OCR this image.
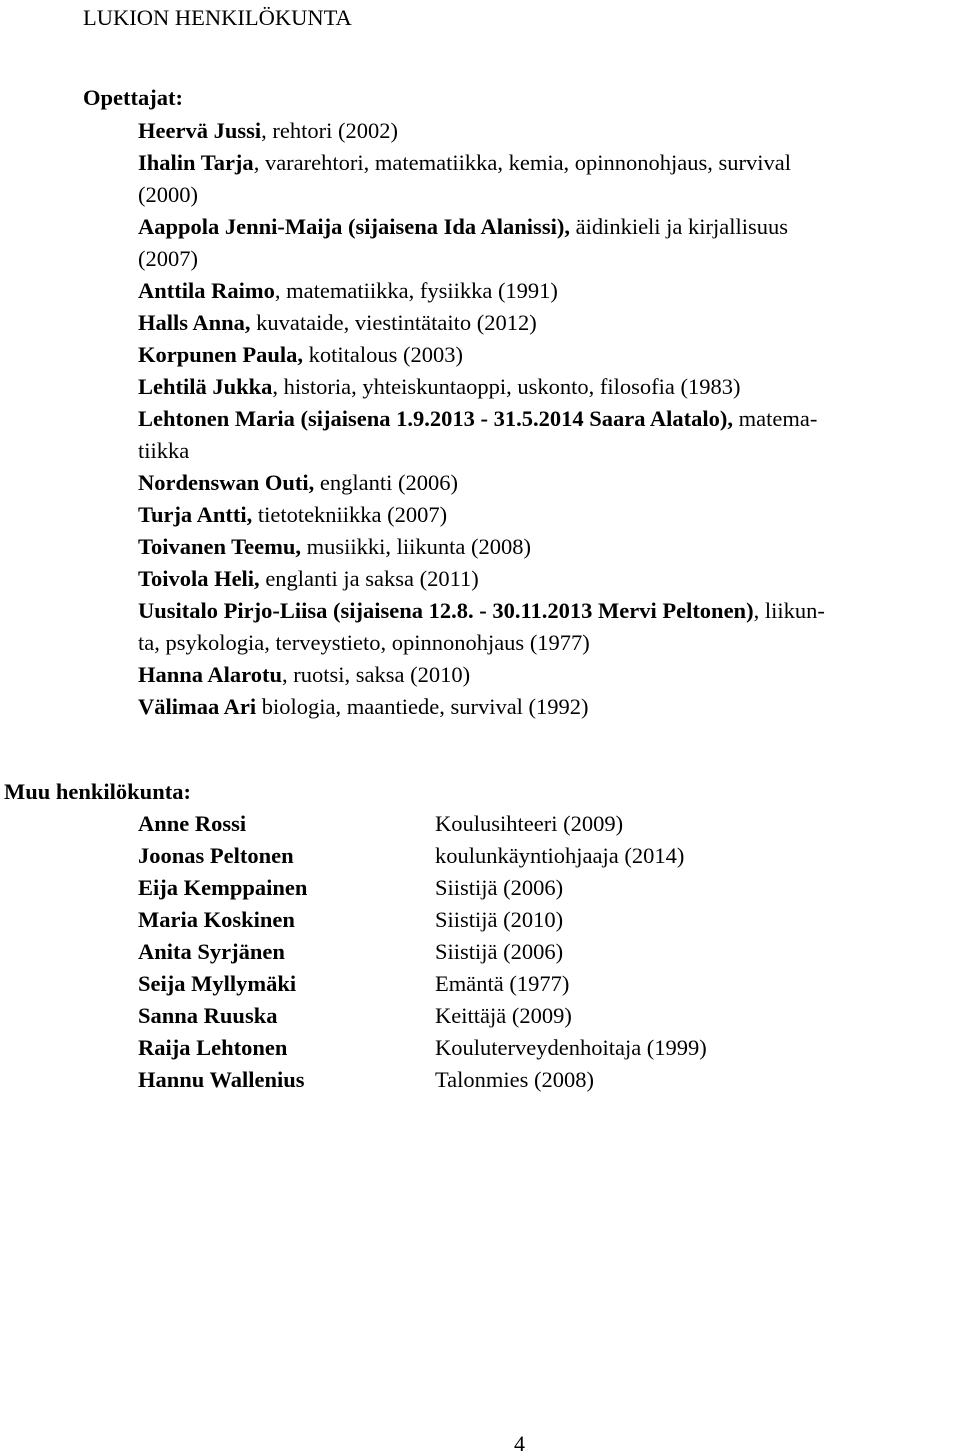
LUKION HENKILÖKUNTA
Opettajat:
Heervä Jussi, rehtori (2002)
Ihalin Tarja, vararehtori, matematiikka, kemia, opinnonohjaus, survival
(2000)
Aappola Jenni-Maija (sijaisena Ida Alanissi), äidinkieli ja kirjallisuus
(2007)
Anttila Raimo, matematiikka, fysiikka (1991)
Halls Anna, kuvataide, viestintätaito (2012)
Korpunen Paula, kotitalous (2003)
Lehtilä Jukka, historia, yhteiskuntaoppi, uskonto, filosofia (1983)
Lehtonen Maria (sijaisena 1.9.2013 - 31.5.2014 Saara Alatalo), matema-
tiikka
Nordenswan Outi, englanti (2006)
Turja Antti, tietotekniikka (2007)
Toivanen Teemu, musiikki, liikunta (2008)
Toivola Heli, englanti ja saksa (2011)
Uusitalo Pirjo-Liisa (sijaisena 12.8. - 30.11.2013 Mervi Peltonen), liikun-
ta, psykologia, terveystieto, opinnonohjaus (1977)
Hanna Alarotu, ruotsi, saksa (2010)
Välimaa Ari biologia, maantiede, survival (1992)
Muu henkilökunta:
Anne Rossi	Koulusihteeri (2009)
Joonas Peltonen	koulunkäyntiohjaaja (2014)
Eija Kemppainen	Siistijä (2006)
Maria Koskinen	Siistijä (2010)
Anita Syrjänen	Siistijä (2006)
Seija Myllymäki	Emäntä (1977)
Sanna Ruuska	Keittäjä (2009)
Raija Lehtonen	Kouluterveydenhoitaja (1999)
Hannu Wallenius	Talonmies (2008)
4
